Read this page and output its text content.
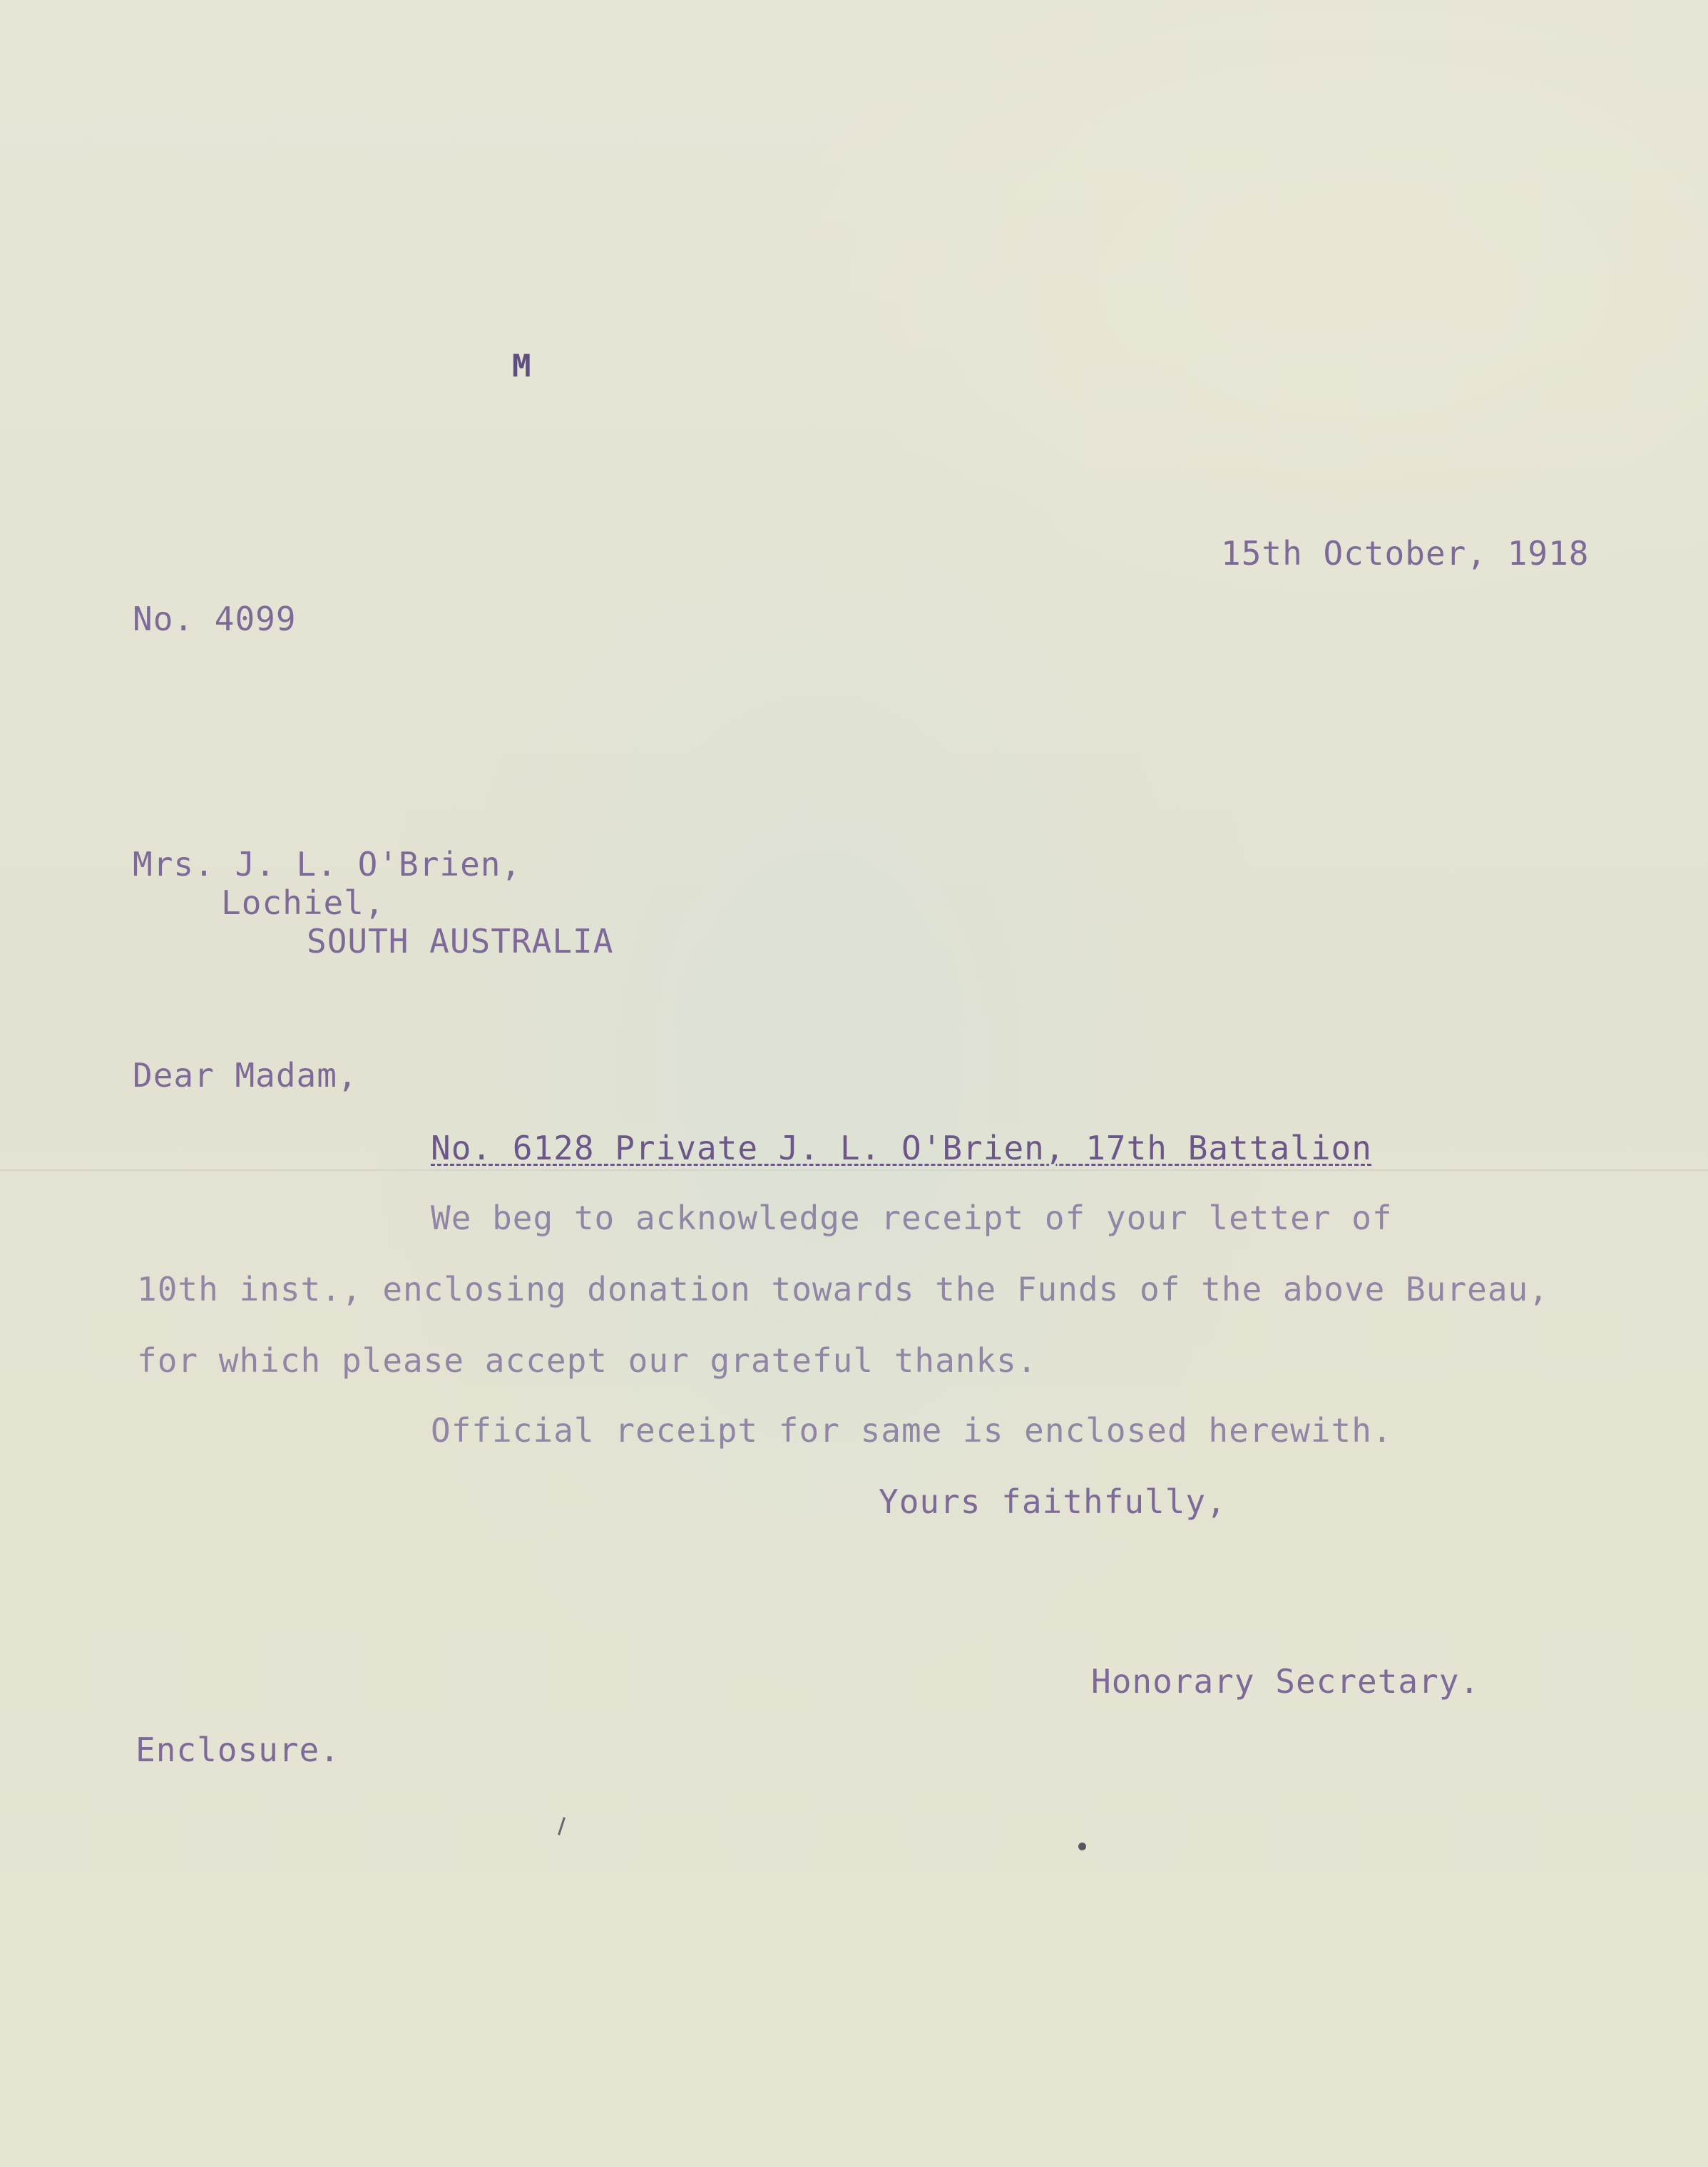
M

15th October, 1918

No. 4099

Mrs. J. L. O'Brien,

Lochiel,

SOUTH AUSTRALIA

Dear Madam,

No. 6128 Private J. L. O'Brien, 17th Battalion

We beg to acknowledge receipt of your letter of

10th inst., enclosing donation towards the Funds of the above Bureau,

for which please accept our grateful thanks.

Official receipt for same is enclosed herewith.

Yours faithfully,

Honorary Secretary.

Enclosure.
